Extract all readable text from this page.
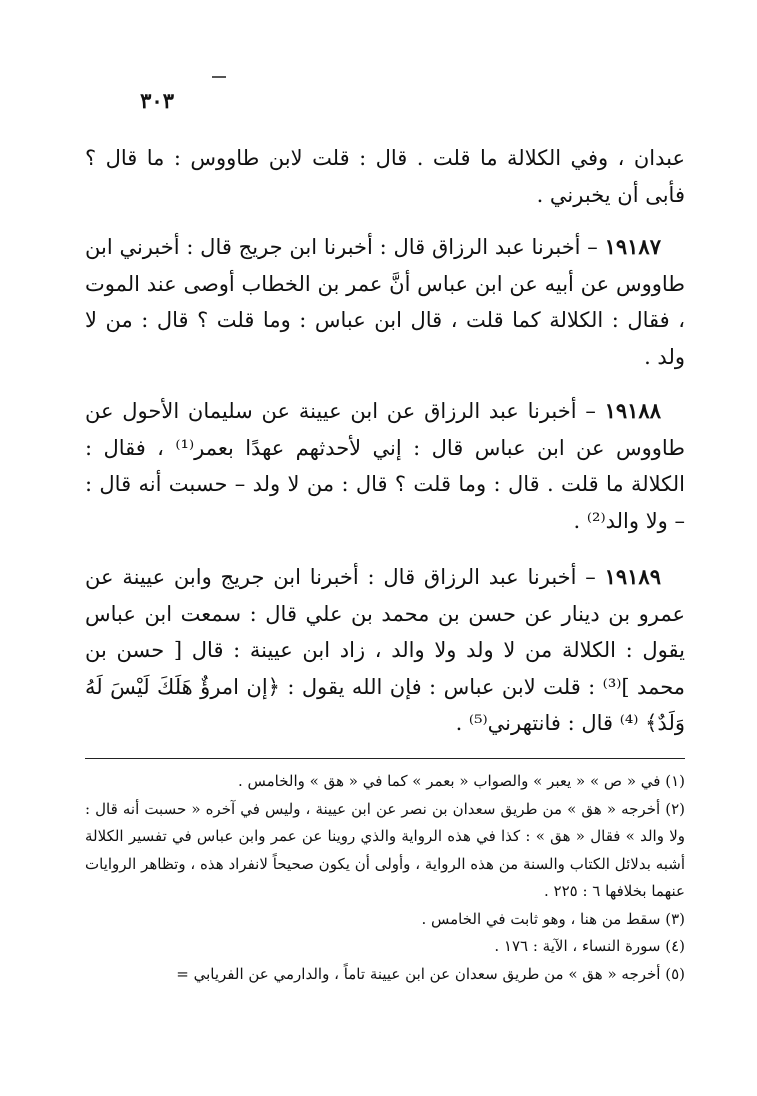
٣٠٣

عبدان ، وفي الكلالة ما قلت . قال : قلت لابن طاووس : ما قال ؟ فأبى أن يخبرني .

١٩١٨٧ – أخبرنا عبد الرزاق قال : أخبرنا ابن جريج قال : أخبرني ابن طاووس عن أبيه عن ابن عباس أنَّ عمر بن الخطاب أوصى عند الموت ، فقال : الكلالة كما قلت ، قال ابن عباس : وما قلت ؟ قال : من لا ولد .

١٩١٨٨ – أخبرنا عبد الرزاق عن ابن عيينة عن سليمان الأحول عن طاووس عن ابن عباس قال : إني لأحدثهم عهدًا بعمر⁽¹⁾ ، فقال : الكلالة ما قلت . قال : وما قلت ؟ قال : من لا ولد – حسبت أنه قال : – ولا والد⁽²⁾ .

١٩١٨٩ – أخبرنا عبد الرزاق قال : أخبرنا ابن جريج وابن عيينة عن عمرو بن دينار عن حسن بن محمد بن علي قال : سمعت ابن عباس يقول : الكلالة من لا ولد ولا والد ، زاد ابن عيينة : قال [ حسن بن محمد ]⁽³⁾ : قلت لابن عباس : فإن الله يقول : ﴿إن امرؤٌ هَلَكَ لَيْسَ لَهُ وَلَدٌ﴾ ⁽⁴⁾ قال : فانتهرني⁽⁵⁾ .

(١) في « ص » « يعبر » والصواب « بعمر » كما في « هق » والخامس .

(٢) أخرجه « هق » من طريق سعدان بن نصر عن ابن عيينة ، وليس في آخره « حسبت أنه قال : ولا والد » فقال « هق » : كذا في هذه الرواية والذي روينا عن عمر وابن عباس في تفسير الكلالة أشبه بدلائل الكتاب والسنة من هذه الرواية ، وأولى أن يكون صحيحاً لانفراد هذه ، وتظاهر الروايات عنهما بخلافها ٦ : ٢٢٥ .

(٣) سقط من هنا ، وهو ثابت في الخامس .

(٤) سورة النساء ، الآية : ١٧٦ .

(٥) أخرجه « هق » من طريق سعدان عن ابن عيينة تاماً ، والدارمي عن الفريابي =
